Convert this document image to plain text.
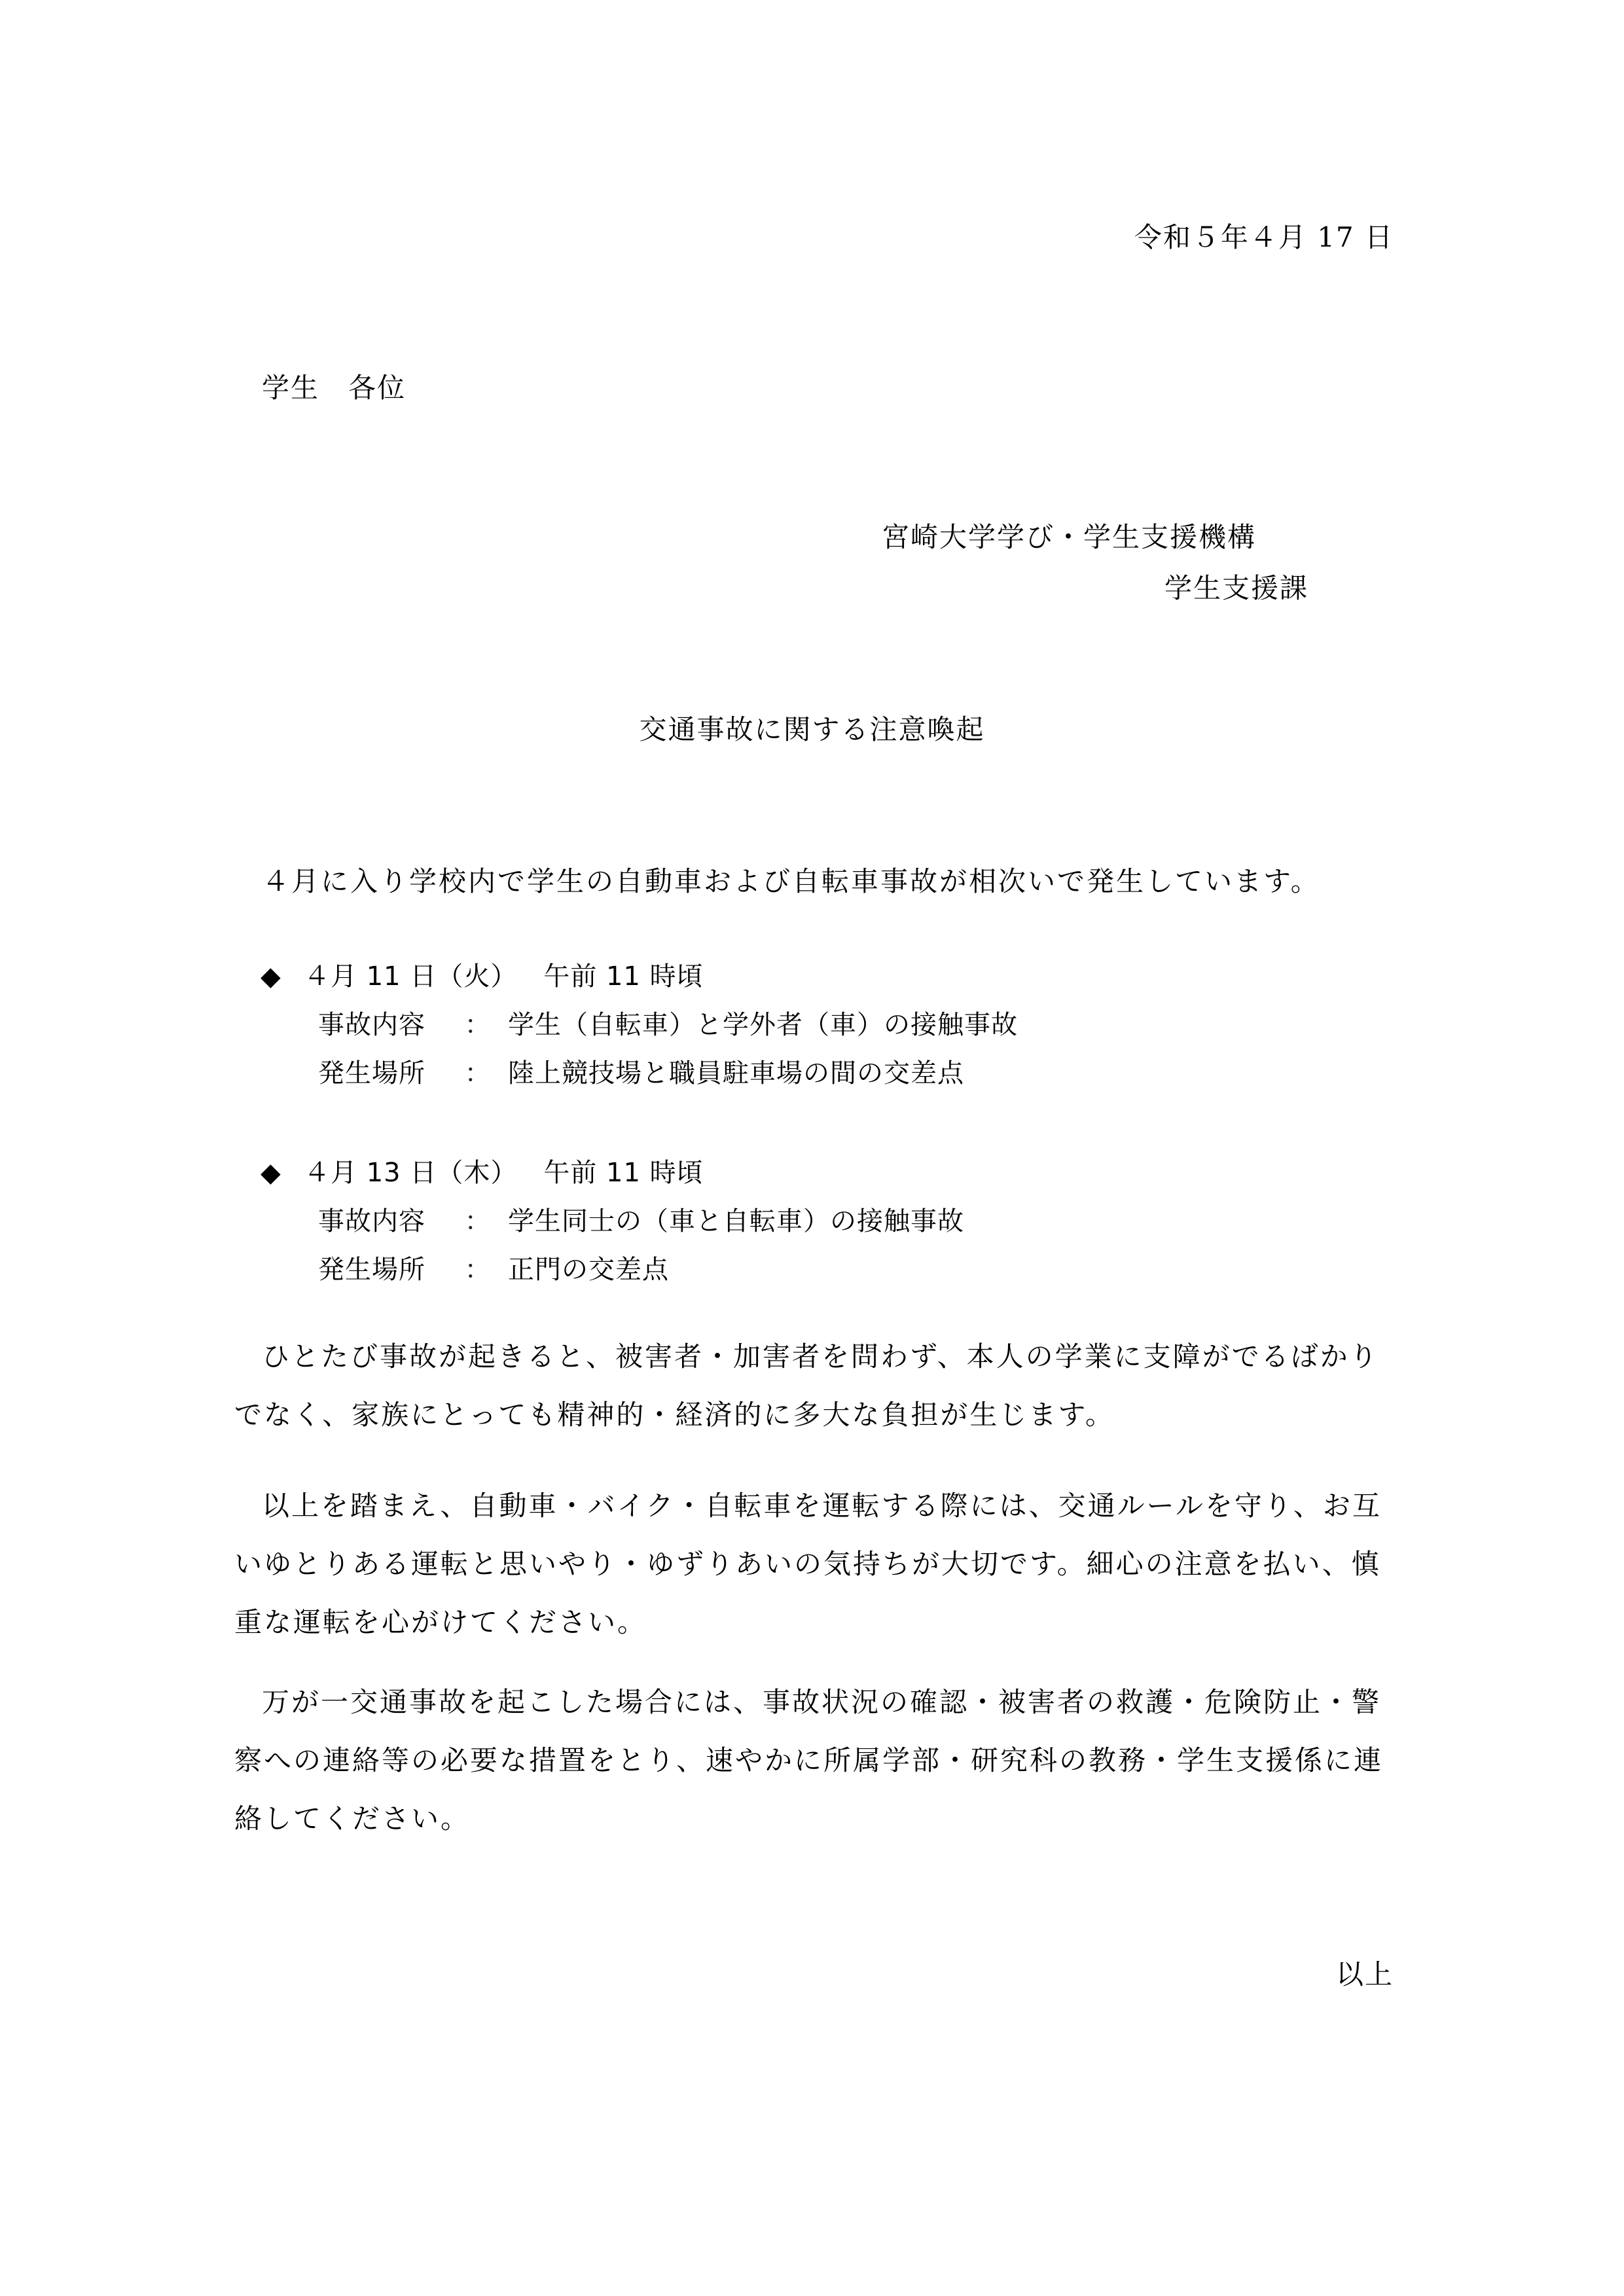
令和５年４月 17 日
学生　各位
宮崎大学学び・学生支援機構
学生支援課
交通事故に関する注意喚起
４月に入り学校内で学生の自動車および自転車事故が相次いで発生しています。
◆ ４月 11 日（火） 午前 11 時頃
事故内容	： 学生（自転車）と学外者（車）の接触事故
発生場所	： 陸上競技場と職員駐車場の間の交差点
◆ ４月 13 日（木） 午前 11 時頃
事故内容	： 学生同士の（車と自転車）の接触事故
発生場所	： 正門の交差点
ひとたび事故が起きると、被害者・加害者を問わず、本人の学業に支障がでるばかりでなく、家族にとっても精神的・経済的に多大な負担が生じます。
以上を踏まえ、自動車・バイク・自転車を運転する際には、交通ルールを守り、お互いゆとりある運転と思いやり・ゆずりあいの気持ちが大切です。細心の注意を払い、慎重な運転を心がけてください。
万が一交通事故を起こした場合には、事故状況の確認・被害者の救護・危険防止・警察への連絡等の必要な措置をとり、速やかに所属学部・研究科の教務・学生支援係に連絡してください。
以上
